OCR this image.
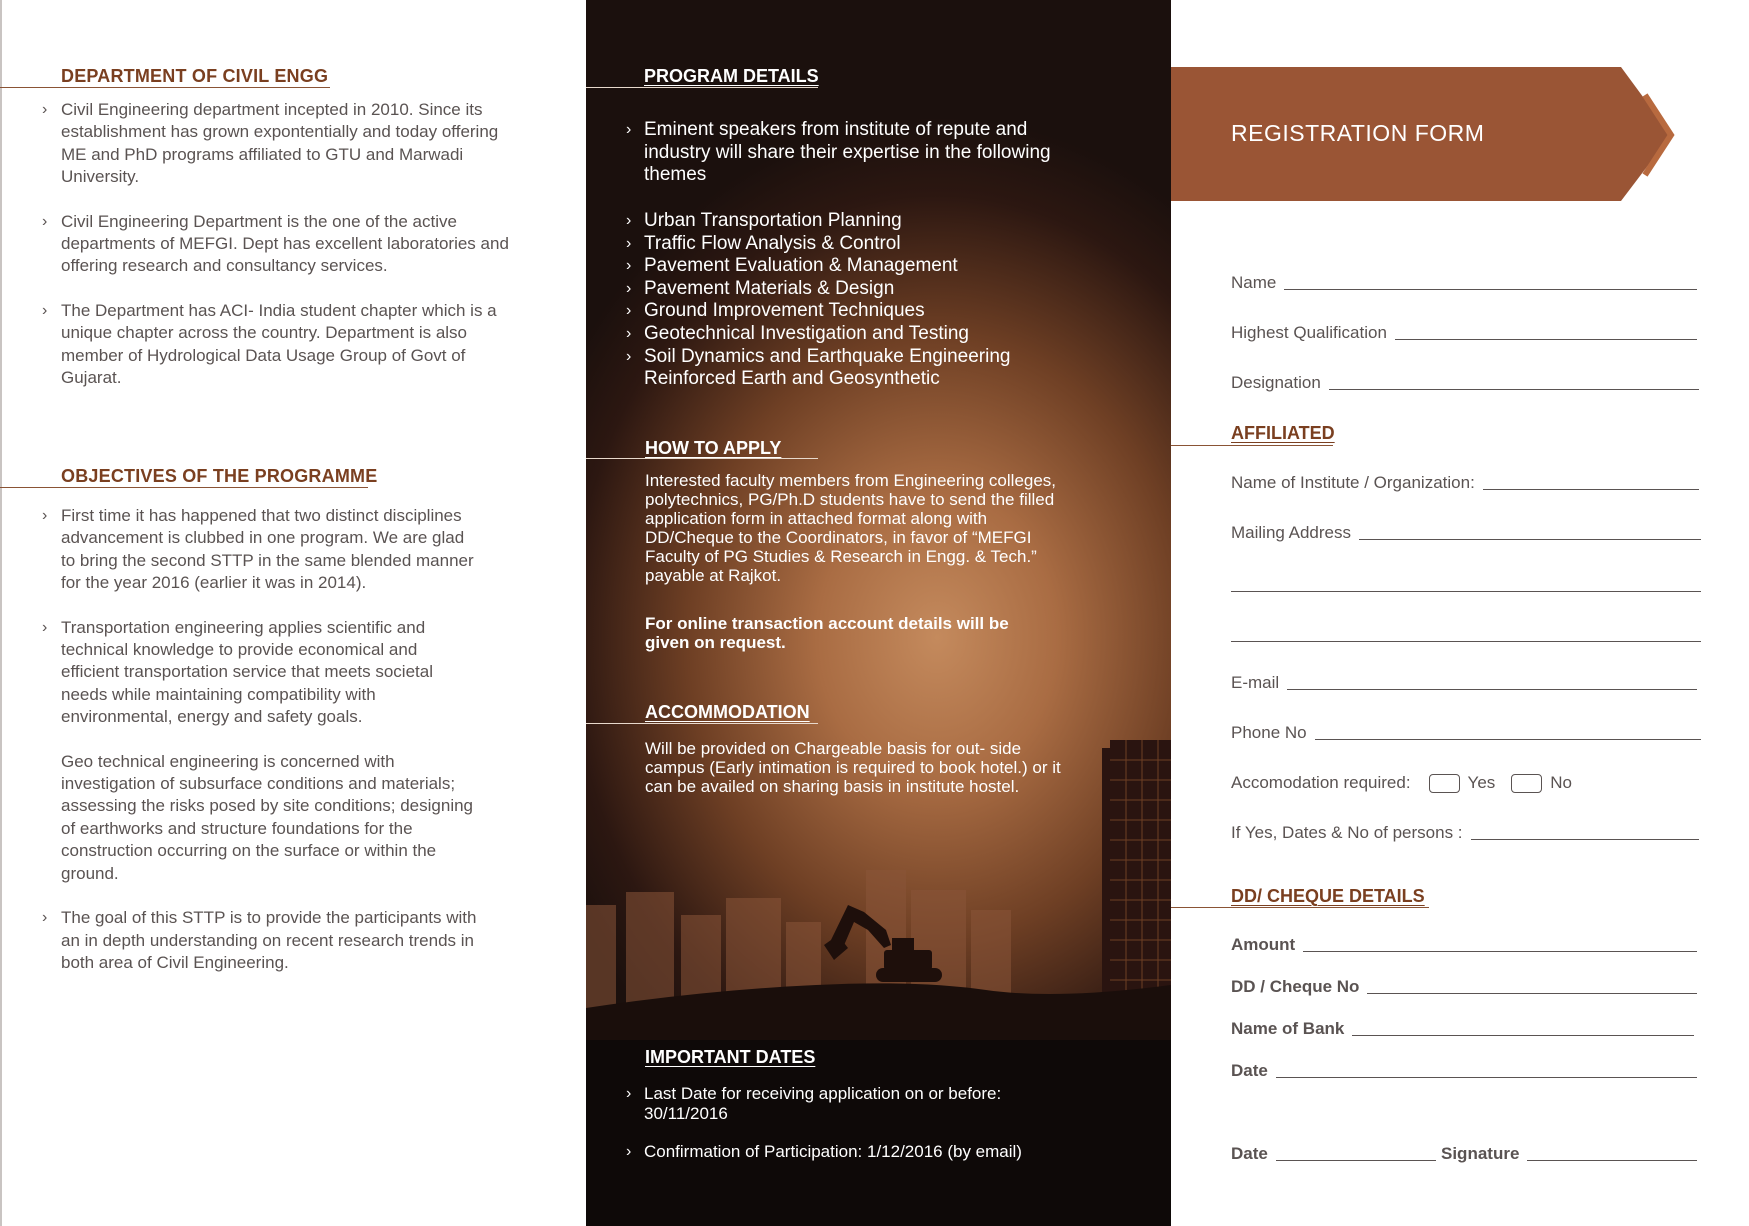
DEPARTMENT OF CIVIL ENGG
› Civil Engineering department incepted in 2010. Since its establishment has grown expontentially and today offering ME and PhD programs affiliated to GTU and Marwadi University.
› Civil Engineering Department is the one of the active departments of MEFGI. Dept has excellent laboratories and offering research and consultancy services.
› The Department has ACI- India student chapter which is a unique chapter across the country. Department is also member of Hydrological Data Usage Group of Govt of Gujarat.
OBJECTIVES OF THE PROGRAMME
› First time it has happened that two distinct disciplines advancement is clubbed in one program. We are glad to bring the second STTP in the same blended manner for the year 2016 (earlier it was in 2014).
› Transportation engineering applies scientific and technical knowledge to provide economical and efficient transportation service that meets societal needs while maintaining compatibility with environmental, energy and safety goals.
Geo technical engineering is concerned with investigation of subsurface conditions and materials; assessing the risks posed by site conditions; designing of earthworks and structure foundations for the construction occurring on the surface or within the ground.
› The goal of this STTP is to provide the participants with an in depth understanding on recent research trends in both area of Civil Engineering.
PROGRAM DETAILS
› Eminent speakers from institute of repute and industry will share their expertise in the following themes
› Urban Transportation Planning
› Traffic Flow Analysis & Control
› Pavement Evaluation & Management
› Pavement Materials & Design
› Ground Improvement Techniques
› Geotechnical Investigation and Testing
› Soil Dynamics and Earthquake Engineering
Reinforced Earth and Geosynthetic
HOW TO APPLY
Interested faculty members from Engineering colleges, polytechnics, PG/Ph.D students have to send the filled application form in attached format along with DD/Cheque to the Coordinators, in favor of “MEFGI Faculty of PG Studies & Research in Engg. & Tech.” payable at Rajkot.
For online transaction account details will be given on request.
ACCOMMODATION
Will be provided on Chargeable basis for out- side campus (Early intimation is required to book hotel.) or it can be availed on sharing basis in institute hostel.
IMPORTANT DATES
› Last Date for receiving application on or before: 30/11/2016
› Confirmation of Participation: 1/12/2016 (by email)
REGISTRATION FORM
Name
Highest Qualification
Designation
AFFILIATED
Name of Institute / Organization:
Mailing Address
E-mail
Phone No
Accomodation required:	Yes	No
If Yes, Dates & No of persons :
DD/ CHEQUE DETAILS
Amount
DD / Cheque No
Name of Bank
Date
Date	Signature
